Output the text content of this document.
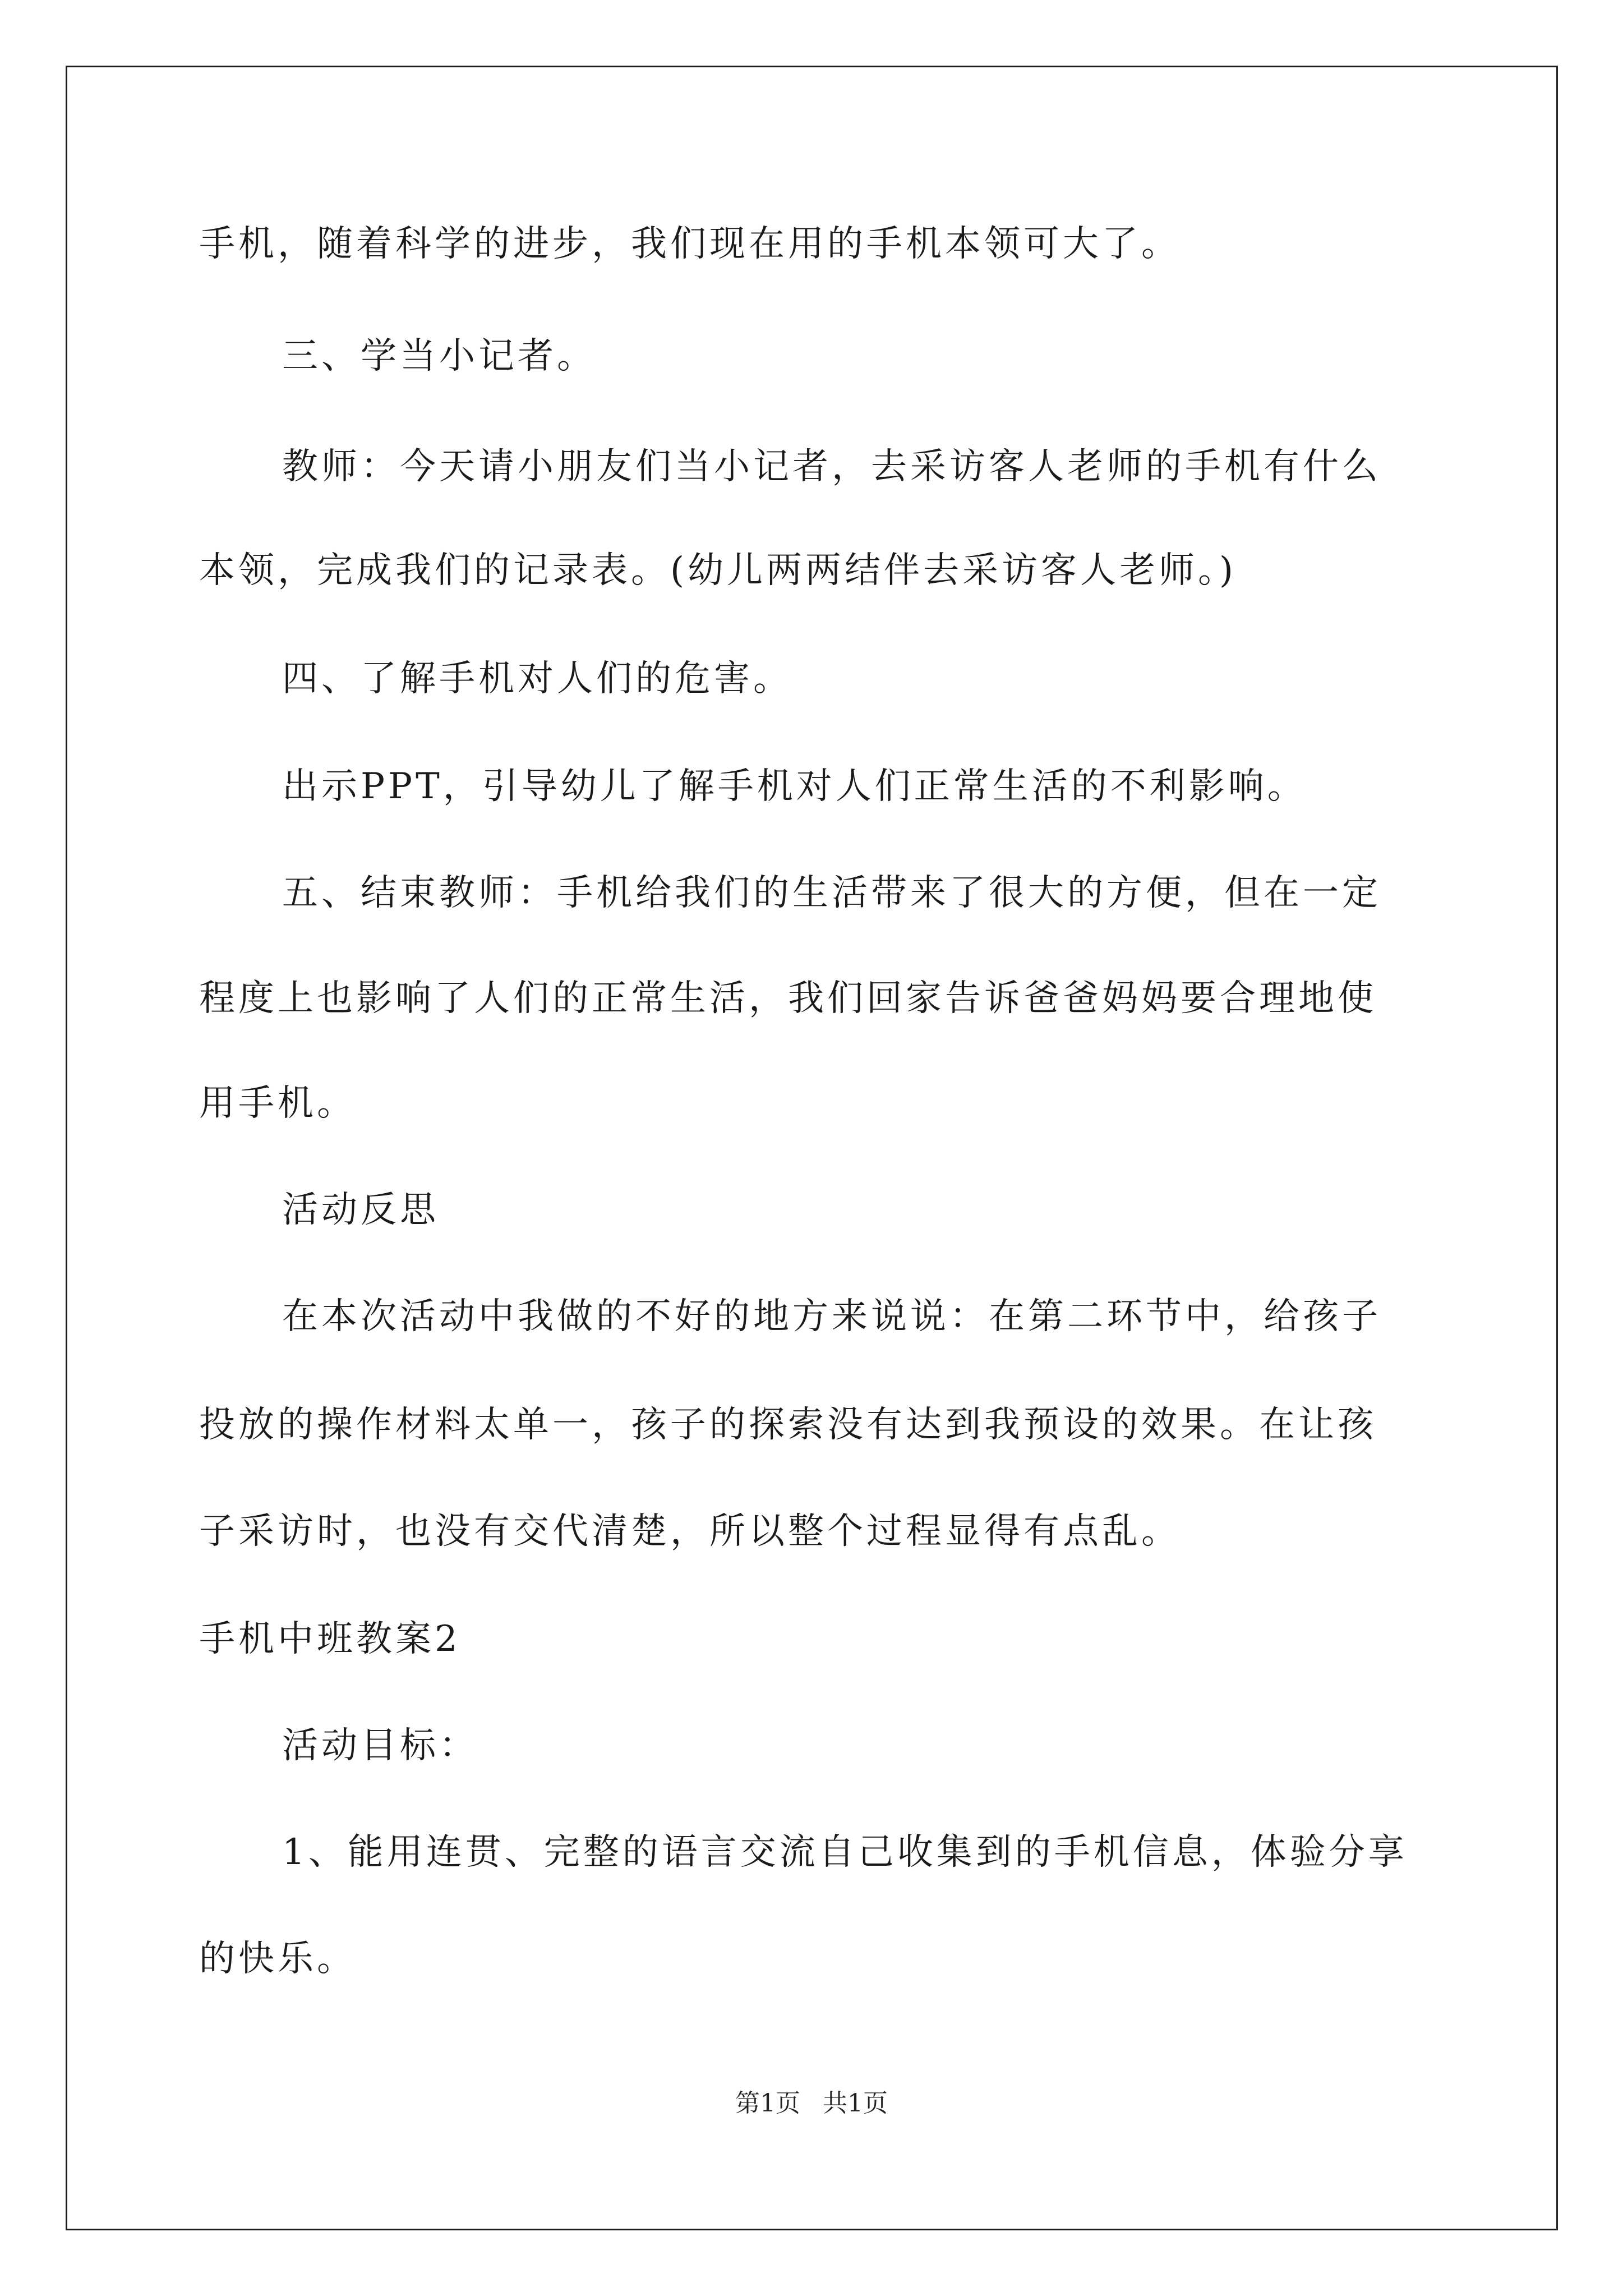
手机，随着科学的进步，我们现在用的手机本领可大了。
三、学当小记者。
教师：今天请小朋友们当小记者，去采访客人老师的手机有什么
本领，完成我们的记录表。(幼儿两两结伴去采访客人老师。)
四、了解手机对人们的危害。
出示PPT，引导幼儿了解手机对人们正常生活的不利影响。
五、结束教师：手机给我们的生活带来了很大的方便，但在一定
程度上也影响了人们的正常生活，我们回家告诉爸爸妈妈要合理地使
用手机。
活动反思
在本次活动中我做的不好的地方来说说：在第二环节中，给孩子
投放的操作材料太单一，孩子的探索没有达到我预设的效果。在让孩
子采访时，也没有交代清楚，所以整个过程显得有点乱。
手机中班教案2
活动目标：
1、能用连贯、完整的语言交流自己收集到的手机信息，体验分享
的快乐。
第1页 共1页
